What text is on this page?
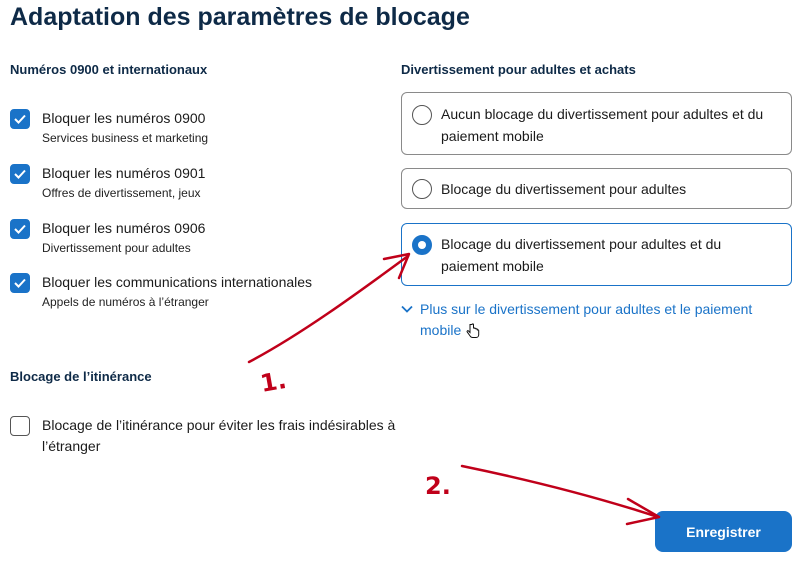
Adaptation des paramètres de blocage
Numéros 0900 et internationaux
Bloquer les numéros 0900
Services business et marketing
Bloquer les numéros 0901
Offres de divertissement, jeux
Bloquer les numéros 0906
Divertissement pour adultes
Bloquer les communications internationales
Appels de numéros à l’étranger
Blocage de l’itinérance
Blocage de l’itinérance pour éviter les frais indésirables à l’étranger
Divertissement pour adultes et achats
Aucun blocage du divertissement pour adultes et du paiement mobile
Blocage du divertissement pour adultes
Blocage du divertissement pour adultes et du paiement mobile
Plus sur le divertissement pour adultes et le paiement mobile
Enregistrer
1.
2.
